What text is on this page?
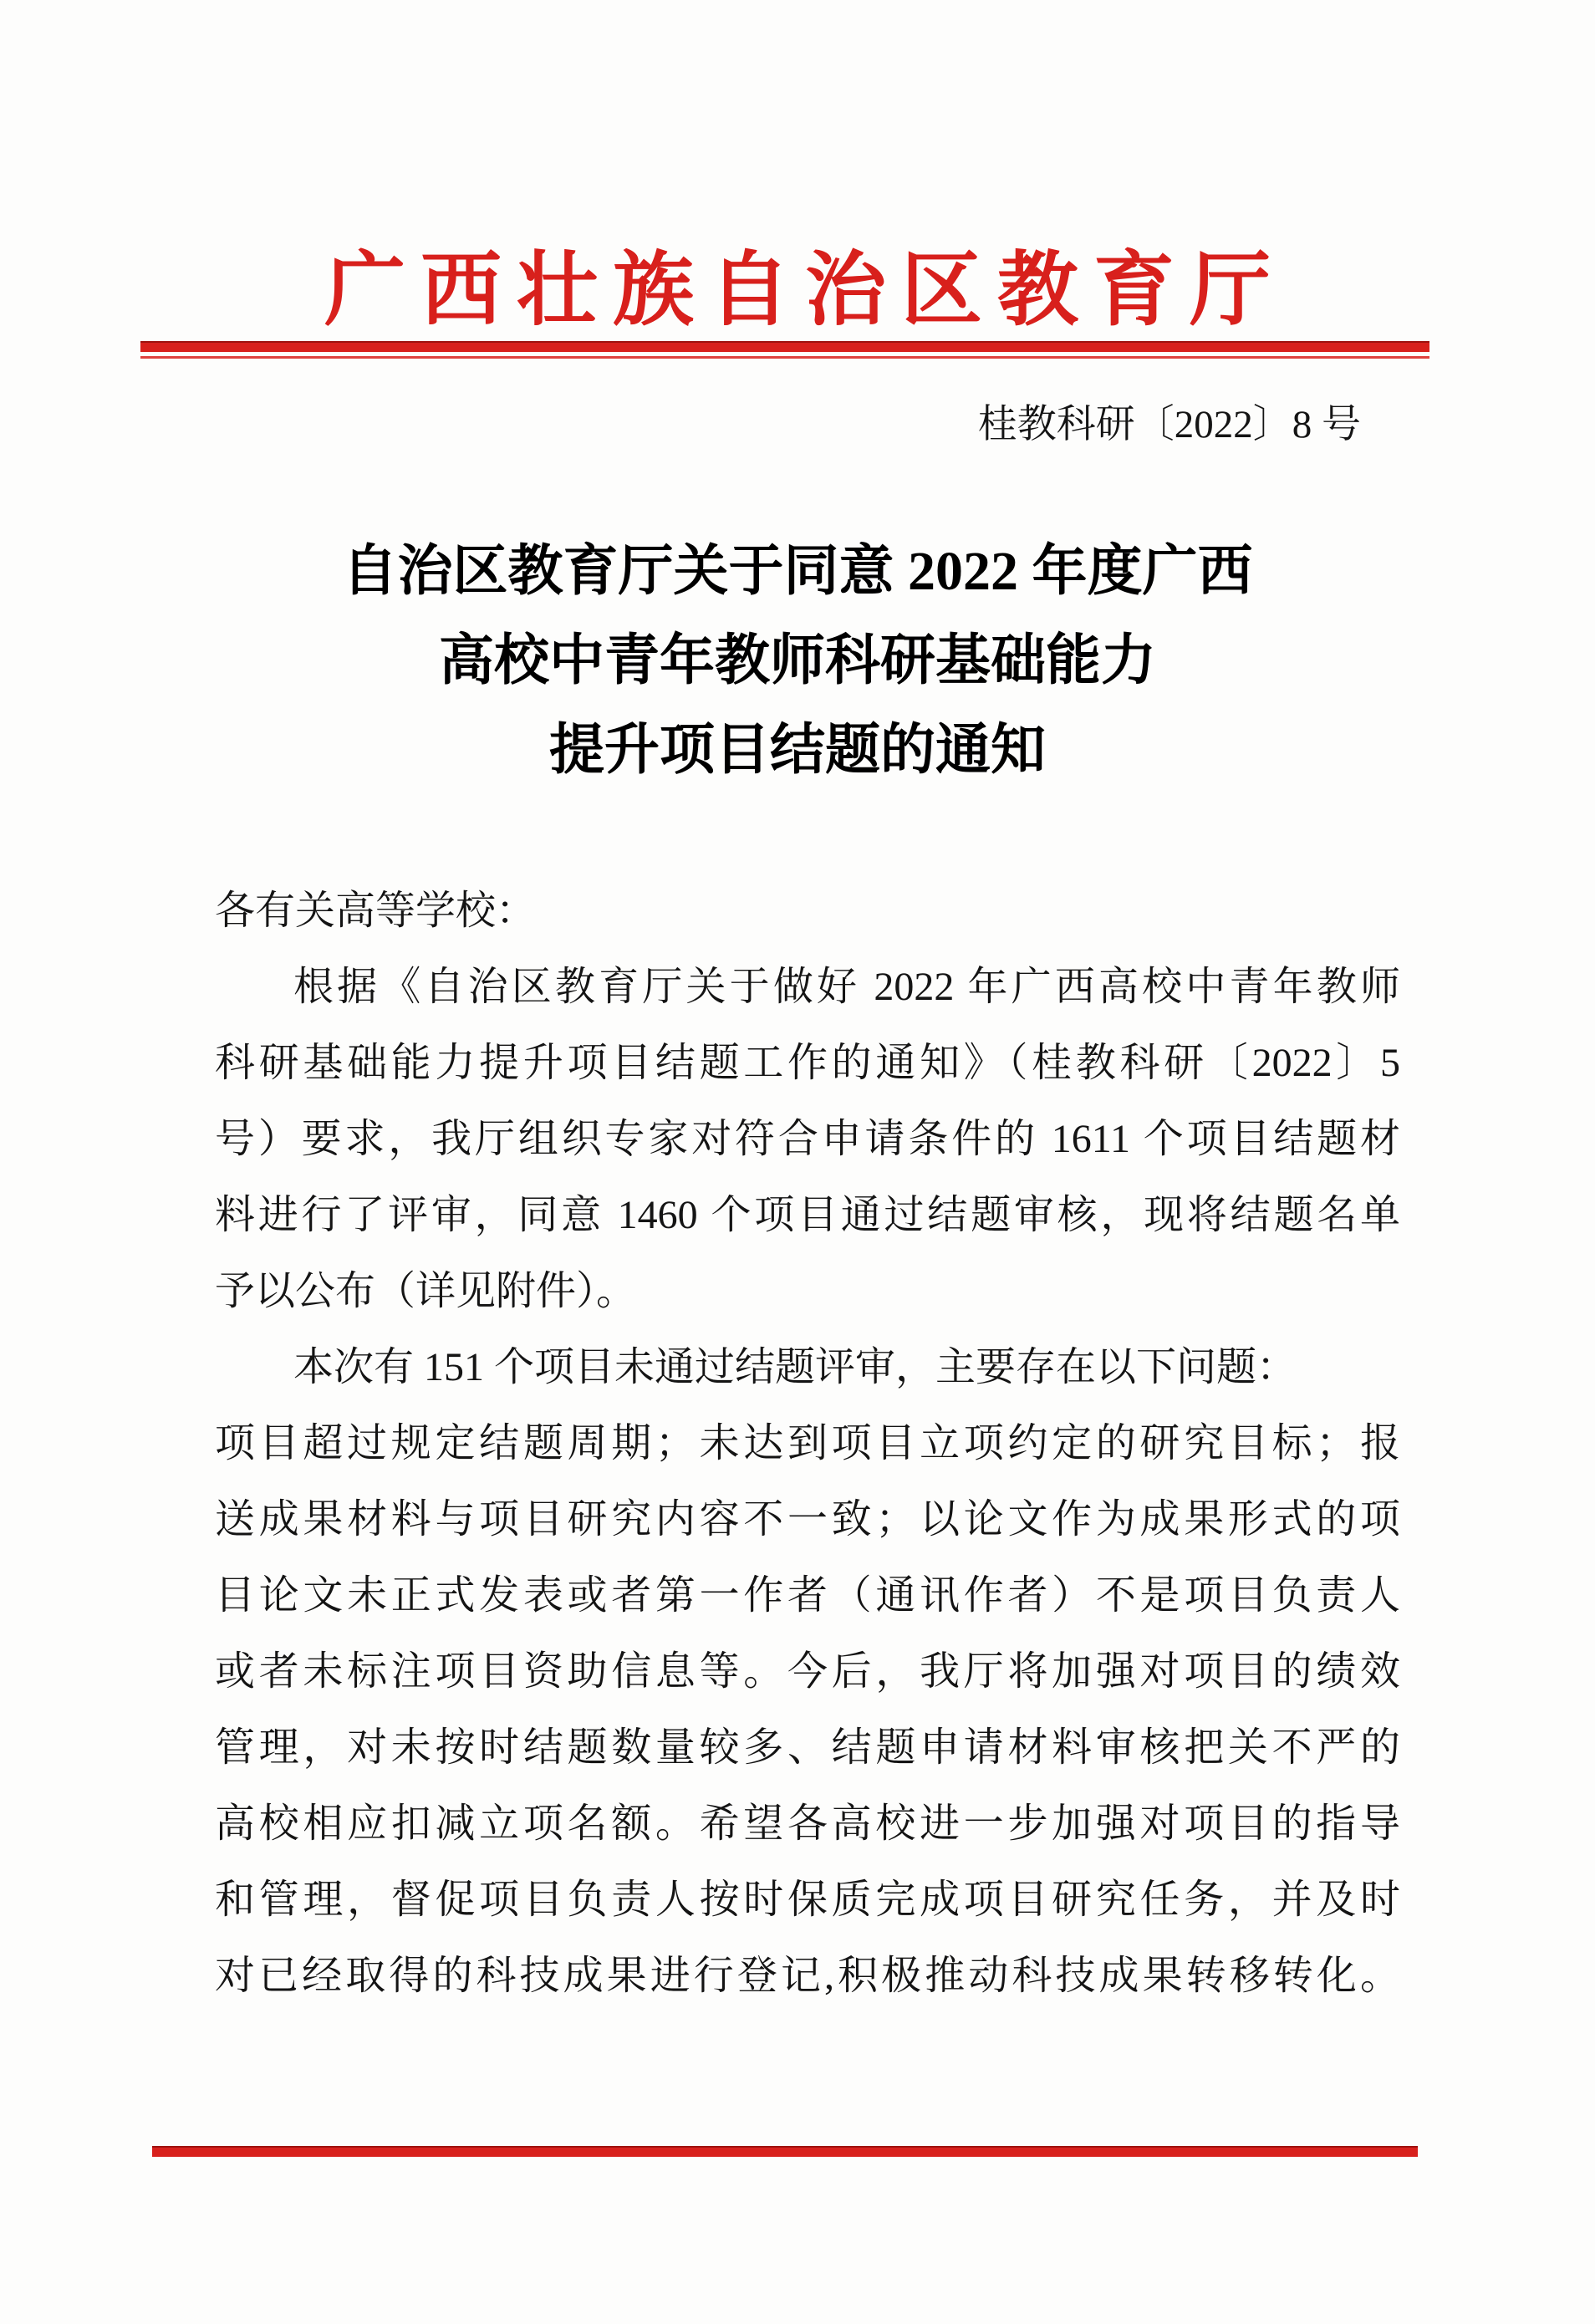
广西壮族自治区教育厅
桂教科研〔2022〕8 号
自治区教育厅关于同意 2022 年度广西
高校中青年教师科研基础能力
提升项目结题的通知
各有关高等学校：
根据《自治区教育厅关于做好 2022 年广西高校中青年教师
科研基础能力提升项目结题工作的通知》（桂教科研〔2022〕5
号）要求，我厅组织专家对符合申请条件的 1611 个项目结题材
料进行了评审，同意 1460 个项目通过结题审核，现将结题名单
予以公布（详见附件）。
本次有 151 个项目未通过结题评审，主要存在以下问题：
项目超过规定结题周期；未达到项目立项约定的研究目标；报
送成果材料与项目研究内容不一致；以论文作为成果形式的项
目论文未正式发表或者第一作者（通讯作者）不是项目负责人
或者未标注项目资助信息等。今后，我厅将加强对项目的绩效
管理，对未按时结题数量较多、结题申请材料审核把关不严的
高校相应扣减立项名额。希望各高校进一步加强对项目的指导
和管理，督促项目负责人按时保质完成项目研究任务，并及时
对已经取得的科技成果进行登记,积极推动科技成果转移转化。
